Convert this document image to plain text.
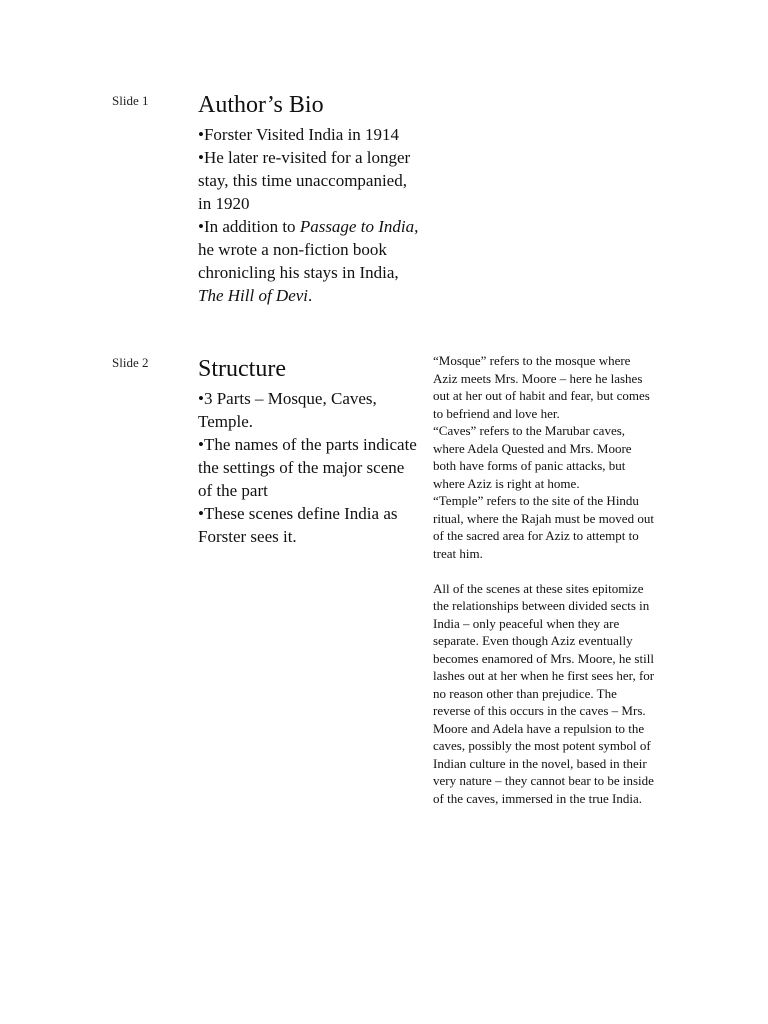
Slide 1 Author’s Bio

•Forster Visited India in 1914

•He later re-visited for a longer stay, this time unaccompanied, in 1920

•In addition to Passage to India, he wrote a non-fiction book chronicling his stays in India, The Hill of Devi.

Slide 2 Structure

•3 Parts – Mosque, Caves, Temple.

•The names of the parts indicate the settings of the major scene of the part

•These scenes define India as Forster sees it.

“Mosque” refers to the mosque where Aziz meets Mrs. Moore – here he lashes out at her out of habit and fear, but comes to befriend and love her.

“Caves” refers to the Marubar caves, where Adela Quested and Mrs. Moore both have forms of panic attacks, but where Aziz is right at home.

“Temple” refers to the site of the Hindu ritual, where the Rajah must be moved out of the sacred area for Aziz to attempt to treat him.

All of the scenes at these sites epitomize the relationships between divided sects in India – only peaceful when they are separate. Even though Aziz eventually becomes enamored of Mrs. Moore, he still lashes out at her when he first sees her, for no reason other than prejudice. The reverse of this occurs in the caves – Mrs. Moore and Adela have a repulsion to the caves, possibly the most potent symbol of Indian culture in the novel, based in their very nature – they cannot bear to be inside of the caves, immersed in the true India.
